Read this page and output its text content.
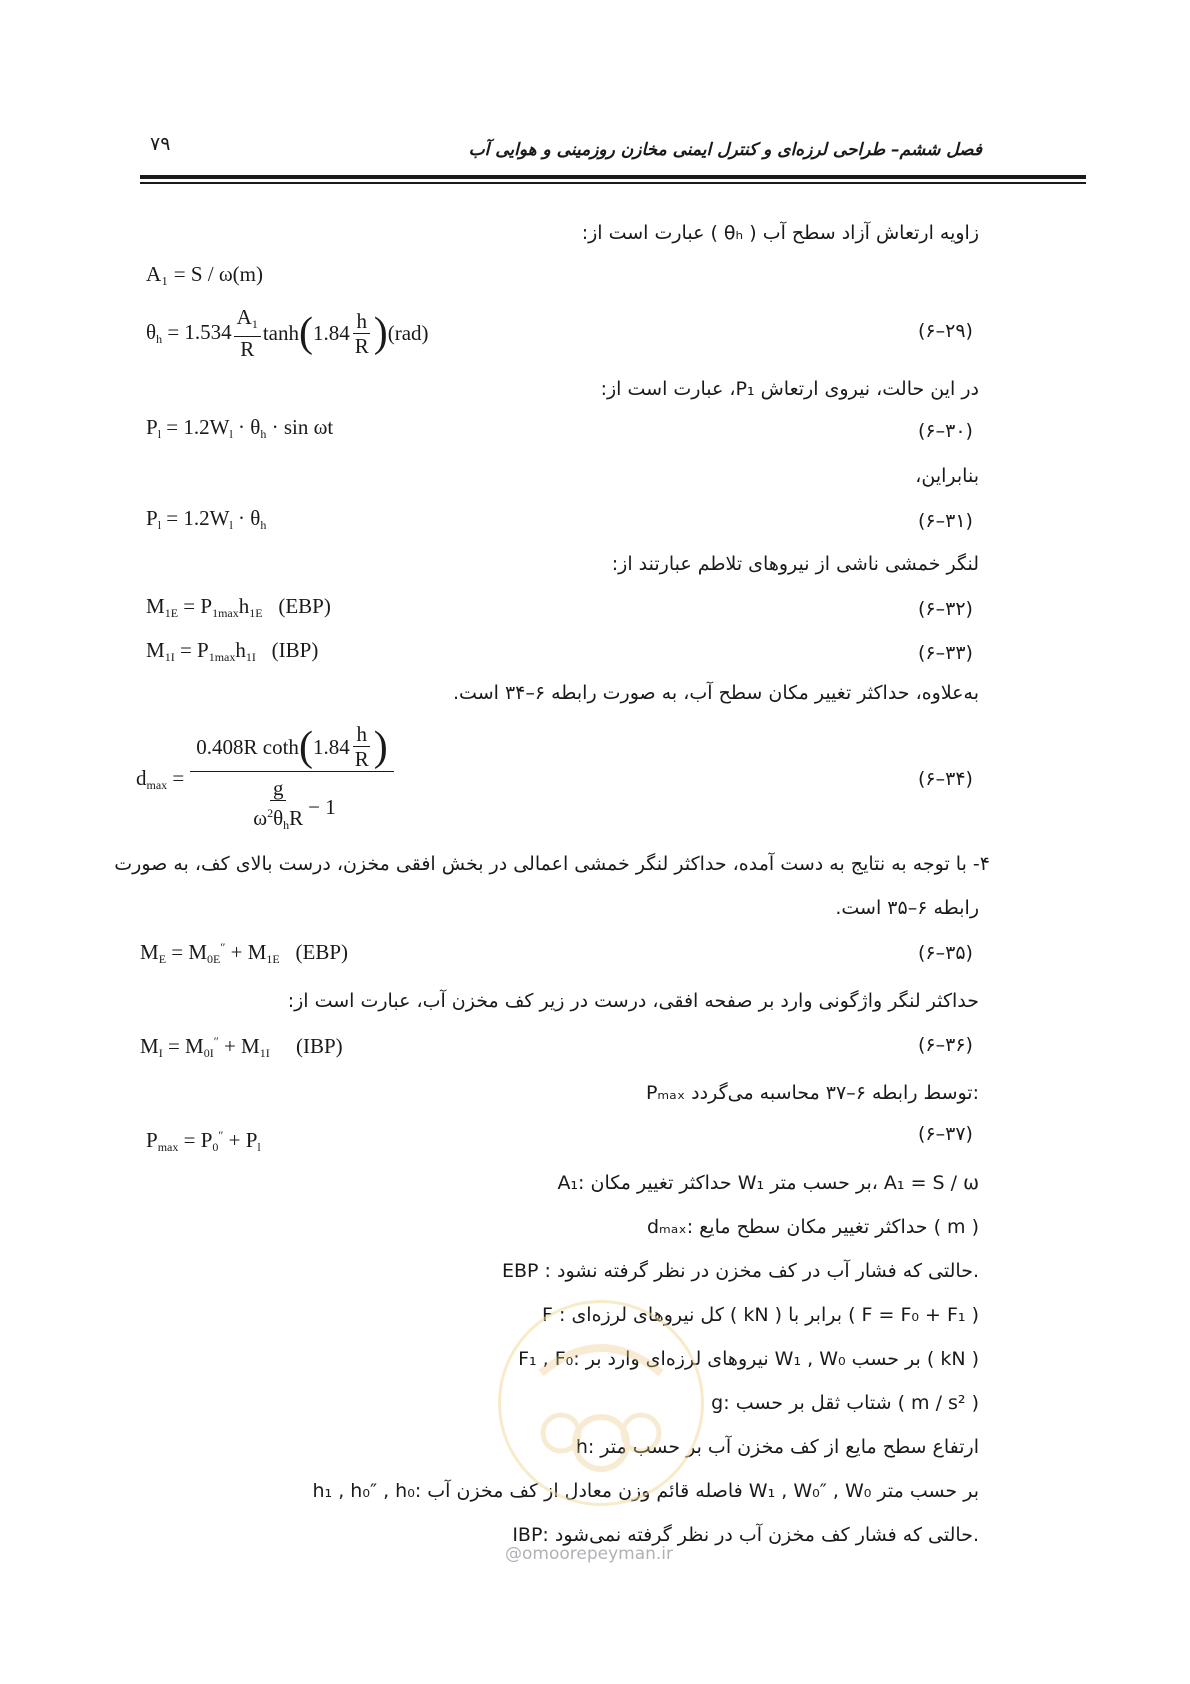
۷۹	فصل ششم– طراحی لرزه‌ای و کنترل ایمنی مخازن روزمینی و هوایی آب
زاویه ارتعاش آزاد سطح آب ( θₕ ) عبارت است از:
A₁ = S / ω(m)
$\theta_h = 1.534 \frac{A_1}{R}$ tanh ( $1.84 \frac{h}{R}$ ) (rad)	(۶–۲۹)
در این حالت، نیروی ارتعاش P₁، عبارت است از:
$P_l = 1.2W_l \cdot \theta_h \cdot \sin \omega t$	(۶–۳۰)
بنابراین،
$P_l = 1.2W_l \cdot \theta_h$	(۶–۳۱)
لنگر خمشی ناشی از نیروهای تلاطم عبارتند از:
$M_{1E} = P_{1max}h_{1E}$   (EBP)	(۶–۳۲)
$M_{1I} = P_{1max}h_{1I}$   (IBP)	(۶–۳۳)
به‌علاوه، حداکثر تغییر مکان سطح آب، به صورت رابطه ۶–۳۴ است.
$d_{max} = \frac{0.408R \cot h ( 1.84 \frac{h}{R} )}{\frac{g}{\omega^2\theta_hR} - 1}$	(۶–۳۴)
۴- با توجه به نتایج به دست آمده، حداکثر لنگر خمشی اعمالی در بخش افقی مخزن، درست بالای کف، به صورت
رابطه ۶–۳۵ است.
$M_E = M_{0E}'' + M_{1E}$   (EBP)	(۶–۳۵)
حداکثر لنگر واژگونی وارد بر صفحه افقی، درست در زیر کف مخزن آب، عبارت است از:
$M_I = M_{0I}'' + M_{1I}$     (IBP)	(۶–۳۶)
Pₘₐₓ توسط رابطه ۶–۳۷ محاسبه می‌گردد:
$P_{max} = P_0'' + P_l$
(۶–۳۷)
A₁: حداکثر تغییر مکان W₁ بر حسب متر، A₁ = S / ω
dₘₐₓ: حداکثر تغییر مکان سطح مایع ( m )
EBP : حالتی که فشار آب در کف مخزن در نظر گرفته نشود.
F : کل نیروهای لرزه‌ای ( kN ) برابر با ( F = F₀ + F₁ )
F₁ , F₀: نیروهای لرزه‌ای وارد بر W₁ , W₀ بر حسب ( kN )
g: شتاب ثقل بر حسب ( m / s² )
h: ارتفاع سطح مایع از کف مخزن آب بر حسب متر
h₁ , h₀″ , h₀: فاصله قائم وزن معادل از کف مخزن آب W₁ , W₀″ , W₀ بر حسب متر
IBP: حالتی که فشار کف مخزن آب در نظر گرفته نمی‌شود.
@omoorepeyman.ir
